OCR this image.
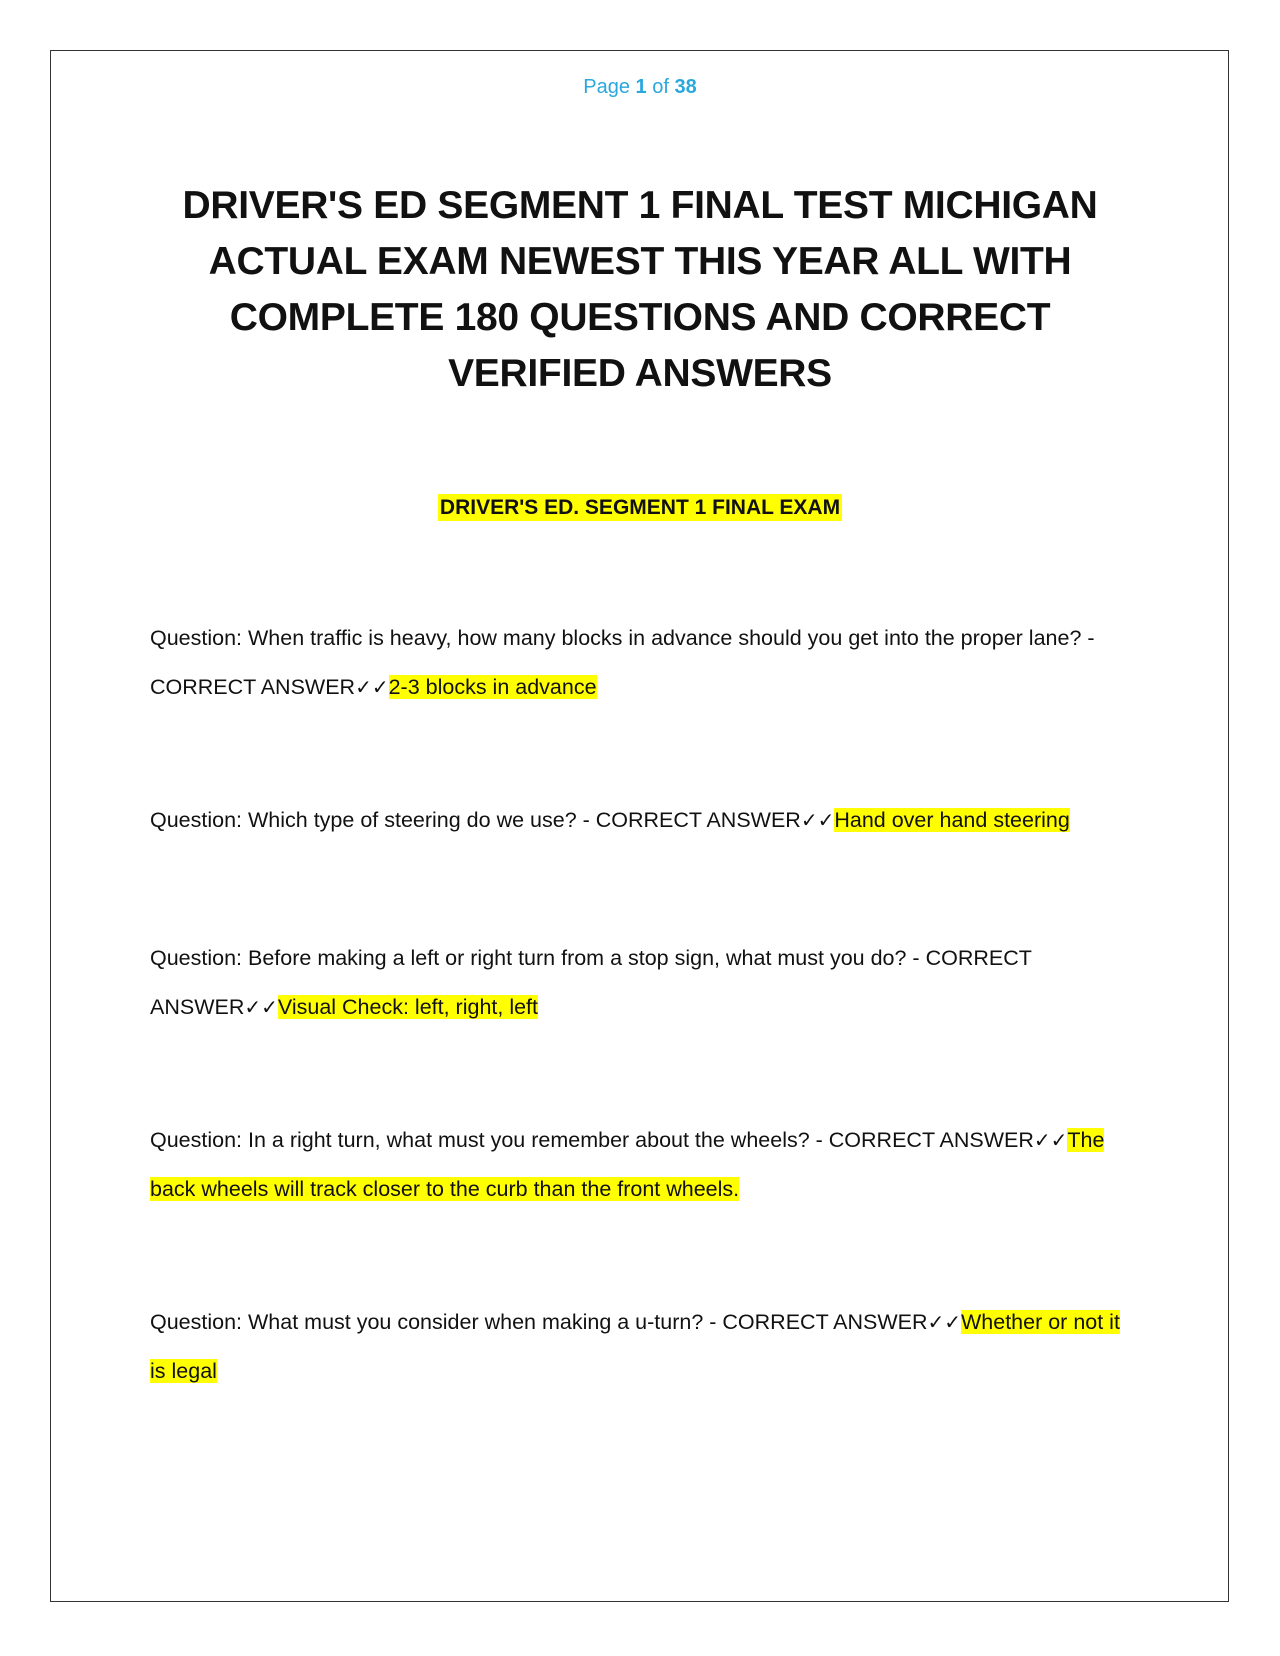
Page 1 of 38
DRIVER'S ED SEGMENT 1 FINAL TEST MICHIGAN
ACTUAL EXAM NEWEST THIS YEAR ALL WITH
COMPLETE 180 QUESTIONS AND CORRECT
VERIFIED ANSWERS
DRIVER'S ED. SEGMENT 1 FINAL EXAM

Question: When traffic is heavy, how many blocks in advance should you get into the proper lane? - CORRECT ANSWER✓✓2-3 blocks in advance

Question: Which type of steering do we use? - CORRECT ANSWER✓✓Hand over hand steering

Question: Before making a left or right turn from a stop sign, what must you do? - CORRECT ANSWER✓✓Visual Check: left, right, left

Question: In a right turn, what must you remember about the wheels? - CORRECT ANSWER✓✓The back wheels will track closer to the curb than the front wheels.

Question: What must you consider when making a u-turn? - CORRECT ANSWER✓✓Whether or not it is legal
